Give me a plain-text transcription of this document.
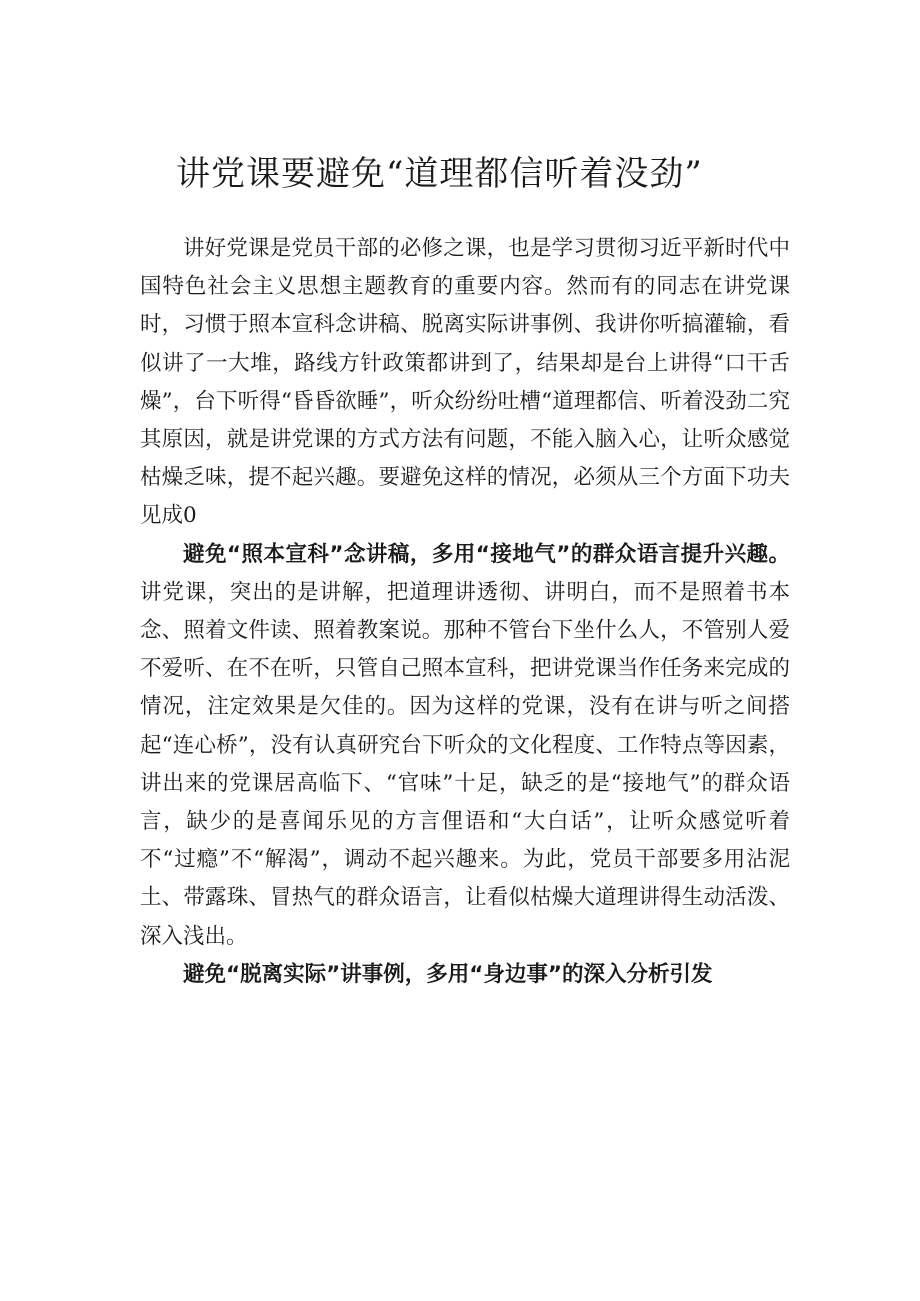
讲党课要避免“道理都信听着没劲”

讲好党课是党员干部的必修之课，也是学习贯彻习近平新时代中国特色社会主义思想主题教育的重要内容。然而有的同志在讲党课时，习惯于照本宣科念讲稿、脱离实际讲事例、我讲你听搞灌输，看似讲了一大堆，路线方针政策都讲到了，结果却是台上讲得“口干舌燥”，台下听得“昏昏欲睡”，听众纷纷吐槽“道理都信、听着没劲二究其原因，就是讲党课的方式方法有问题，不能入脑入心，让听众感觉枯燥乏味，提不起兴趣。要避免这样的情况，必须从三个方面下功夫见成0

避免“照本宣科”念讲稿，多用“接地气”的群众语言提升兴趣。讲党课，突出的是讲解，把道理讲透彻、讲明白，而不是照着书本念、照着文件读、照着教案说。那种不管台下坐什么人，不管别人爱不爱听、在不在听，只管自己照本宣科，把讲党课当作任务来完成的情况，注定效果是欠佳的。因为这样的党课，没有在讲与听之间搭起“连心桥”，没有认真研究台下听众的文化程度、工作特点等因素，讲出来的党课居高临下、“官味”十足，缺乏的是“接地气”的群众语言，缺少的是喜闻乐见的方言俚语和“大白话”，让听众感觉听着不“过瘾”不“解渴”，调动不起兴趣来。为此，党员干部要多用沾泥土、带露珠、冒热气的群众语言，让看似枯燥大道理讲得生动活泼、深入浅出。

避免“脱离实际”讲事例，多用“身边事”的深入分析引发
